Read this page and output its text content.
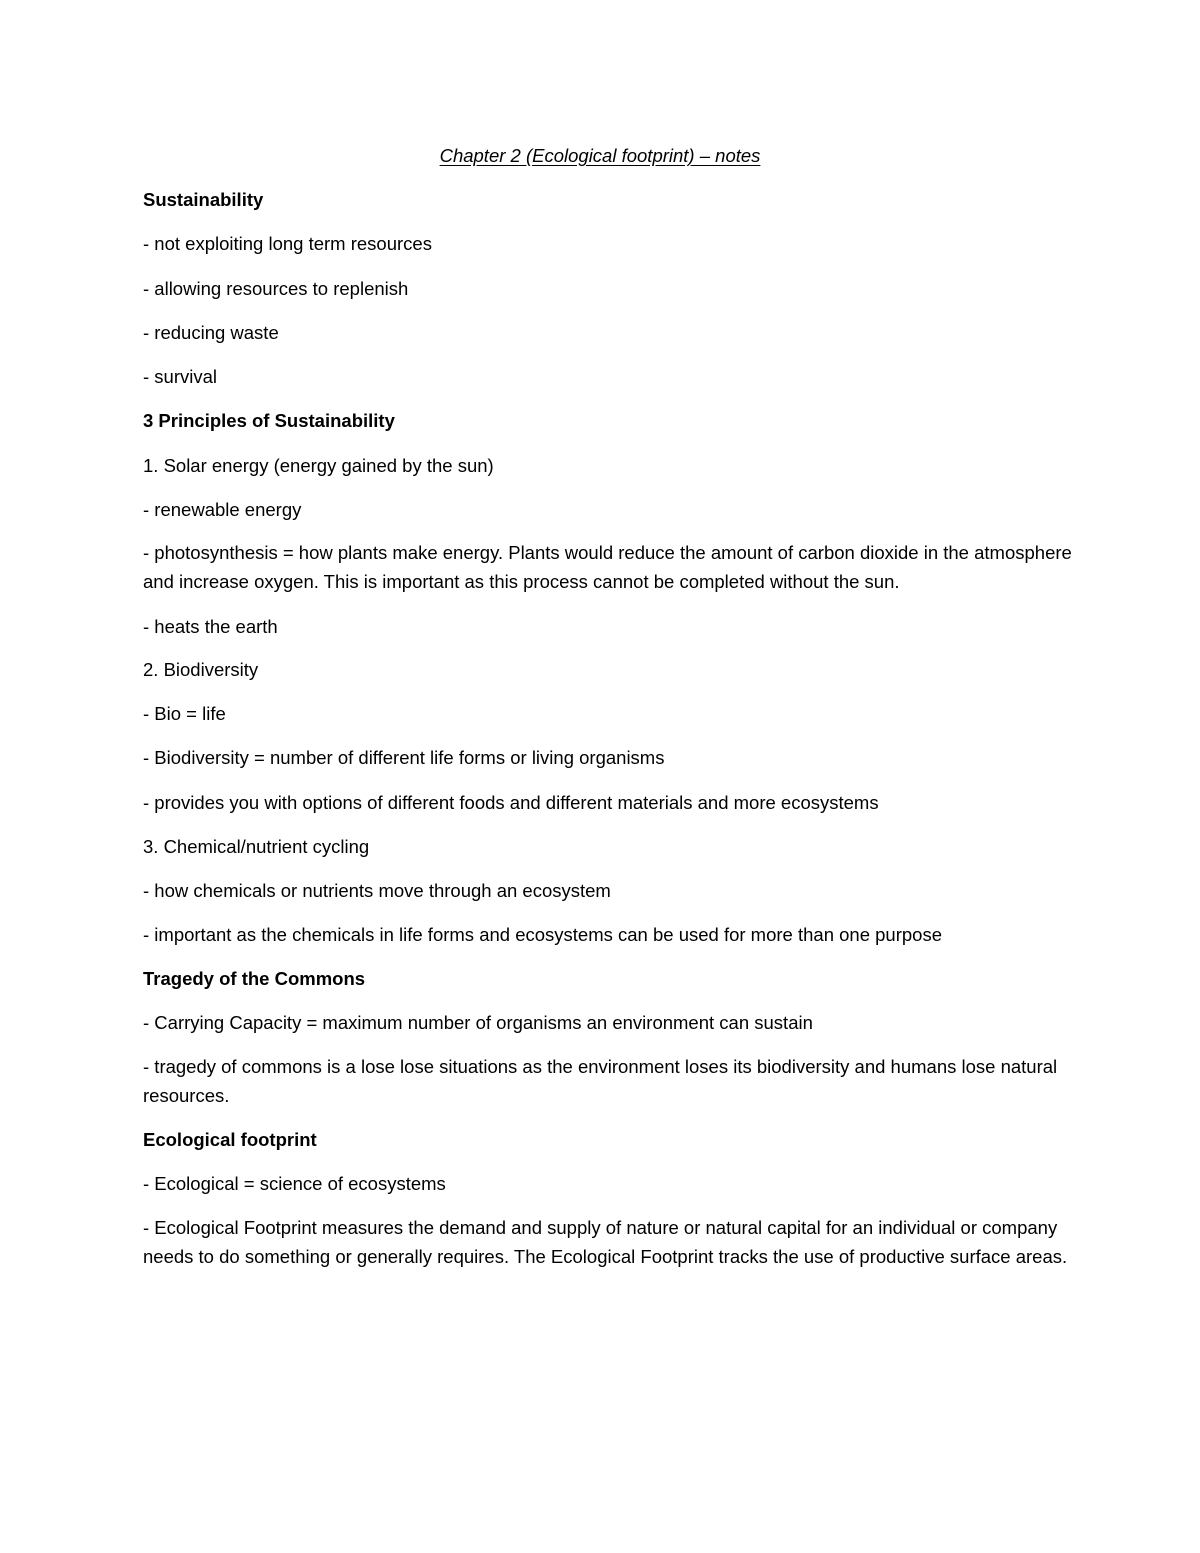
Chapter 2 (Ecological footprint) – notes
Sustainability
- not exploiting long term resources
- allowing resources to replenish
- reducing waste
- survival
3 Principles of Sustainability
1. Solar energy (energy gained by the sun)
- renewable energy
- photosynthesis = how plants make energy. Plants would reduce the amount of carbon dioxide in the atmosphere and increase oxygen. This is important as this process cannot be completed without the sun.
- heats the earth
2. Biodiversity
- Bio = life
- Biodiversity = number of different life forms or living organisms
- provides you with options of different foods and different materials and more ecosystems
3. Chemical/nutrient cycling
- how chemicals or nutrients move through an ecosystem
- important as the chemicals in life forms and ecosystems can be used for more than one purpose
Tragedy of the Commons
- Carrying Capacity = maximum number of organisms an environment can sustain
- tragedy of commons is a lose lose situations as the environment loses its biodiversity and humans lose natural resources.
Ecological footprint
- Ecological = science of ecosystems
- Ecological Footprint measures the demand and supply of nature or natural capital for an individual or company needs to do something or generally requires. The Ecological Footprint tracks the use of productive surface areas.
